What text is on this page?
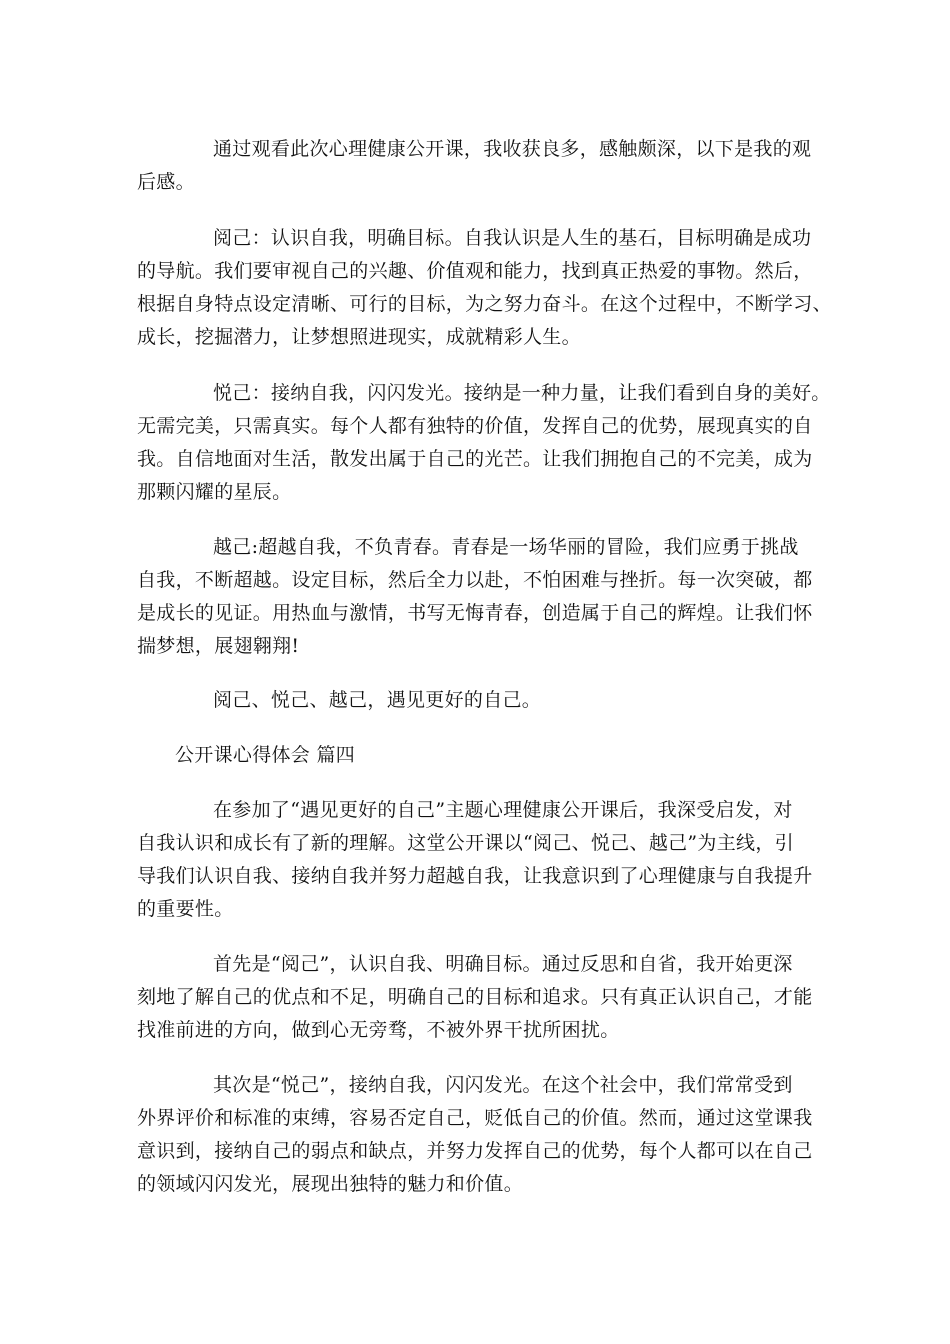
通过观看此次心理健康公开课，我收获良多，感触颇深，以下是我的观
后感。
阅己：认识自我，明确目标。自我认识是人生的基石，目标明确是成功
的导航。我们要审视自己的兴趣、价值观和能力，找到真正热爱的事物。然后，
根据自身特点设定清晰、可行的目标，为之努力奋斗。在这个过程中，不断学习、
成长，挖掘潜力，让梦想照进现实，成就精彩人生。
悦己：接纳自我，闪闪发光。接纳是一种力量，让我们看到自身的美好。
无需完美，只需真实。每个人都有独特的价值，发挥自己的优势，展现真实的自
我。自信地面对生活，散发出属于自己的光芒。让我们拥抱自己的不完美，成为
那颗闪耀的星辰。
越己:超越自我，不负青春。青春是一场华丽的冒险，我们应勇于挑战
自我，不断超越。设定目标，然后全力以赴，不怕困难与挫折。每一次突破，都
是成长的见证。用热血与激情，书写无悔青春，创造属于自己的辉煌。让我们怀
揣梦想，展翅翱翔!
阅己、悦己、越己，遇见更好的自己。
公开课心得体会 篇四
在参加了“遇见更好的自己”主题心理健康公开课后，我深受启发，对
自我认识和成长有了新的理解。这堂公开课以“阅己、悦己、越己”为主线，引
导我们认识自我、接纳自我并努力超越自我，让我意识到了心理健康与自我提升
的重要性。
首先是“阅己”，认识自我、明确目标。通过反思和自省，我开始更深
刻地了解自己的优点和不足，明确自己的目标和追求。只有真正认识自己，才能
找准前进的方向，做到心无旁骛，不被外界干扰所困扰。
其次是“悦己”，接纳自我，闪闪发光。在这个社会中，我们常常受到
外界评价和标准的束缚，容易否定自己，贬低自己的价值。然而，通过这堂课我
意识到，接纳自己的弱点和缺点，并努力发挥自己的优势，每个人都可以在自己
的领域闪闪发光，展现出独特的魅力和价值。
